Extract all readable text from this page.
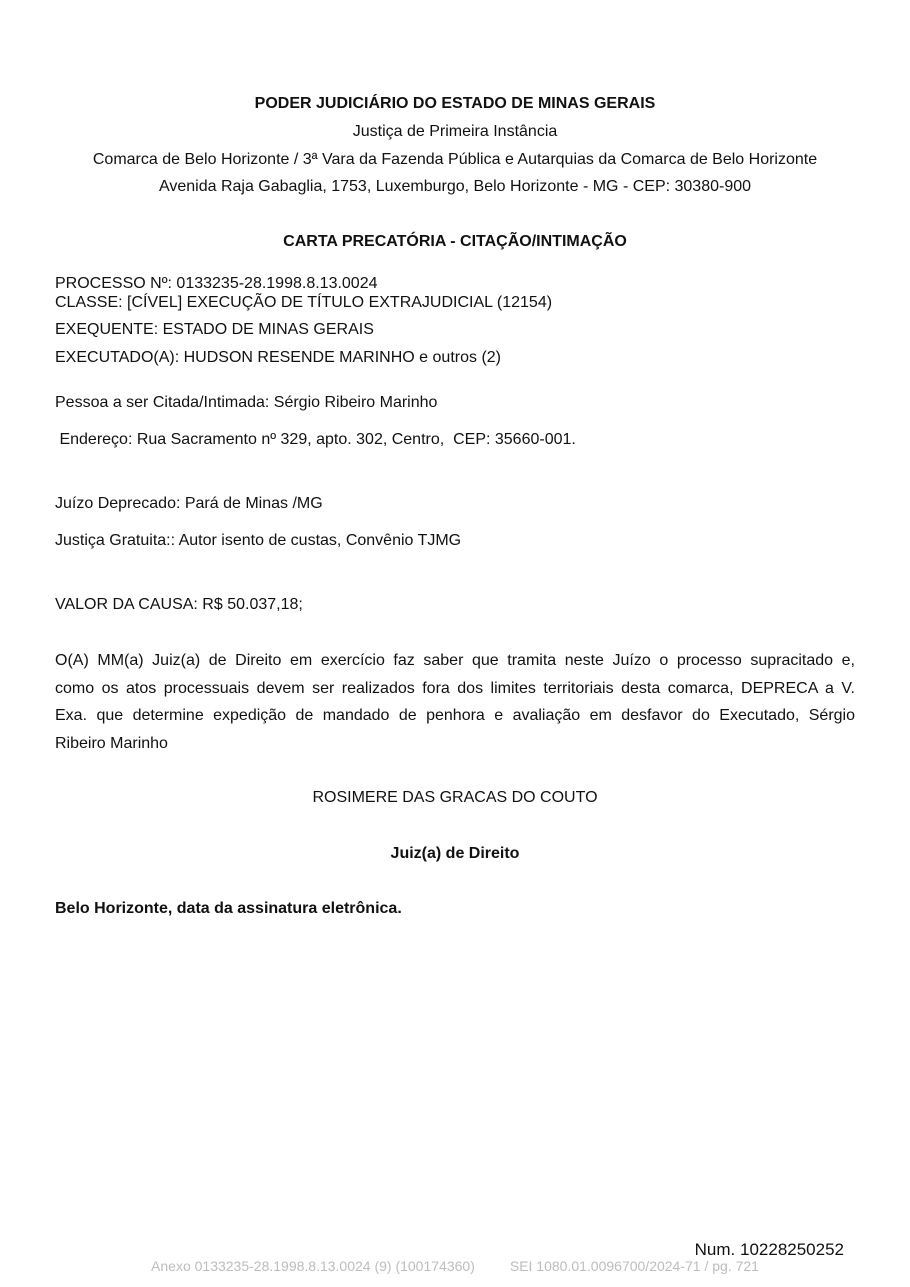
PODER JUDICIÁRIO DO ESTADO DE MINAS GERAIS
Justiça de Primeira Instância
Comarca de Belo Horizonte / 3ª Vara da Fazenda Pública e Autarquias da Comarca de Belo Horizonte
Avenida Raja Gabaglia, 1753, Luxemburgo, Belo Horizonte - MG - CEP: 30380-900
CARTA PRECATÓRIA - CITAÇÃO/INTIMAÇÃO
PROCESSO Nº: 0133235-28.1998.8.13.0024
CLASSE: [CÍVEL] EXECUÇÃO DE TÍTULO EXTRAJUDICIAL (12154)
EXEQUENTE: ESTADO DE MINAS GERAIS
EXECUTADO(A): HUDSON RESENDE MARINHO e outros (2)
Pessoa a ser Citada/Intimada: Sérgio Ribeiro Marinho
Endereço: Rua Sacramento nº 329, apto. 302, Centro,  CEP: 35660-001.
Juízo Deprecado: Pará de Minas /MG
Justiça Gratuita:: Autor isento de custas, Convênio TJMG
VALOR DA CAUSA: R$ 50.037,18;
O(A) MM(a) Juiz(a) de Direito em exercício faz saber que tramita neste Juízo o processo supracitado e,
como os atos processuais devem ser realizados fora dos limites territoriais desta comarca, DEPRECA a V.
Exa. que determine expedição de mandado de penhora e avaliação em desfavor do Executado, Sérgio
Ribeiro Marinho
ROSIMERE DAS GRACAS DO COUTO
Juiz(a) de Direito
Belo Horizonte, data da assinatura eletrônica.
Num. 10228250252
Anexo 0133235-28.1998.8.13.0024 (9) (100174360)         SEI 1080.01.0096700/2024-71 / pg. 721
